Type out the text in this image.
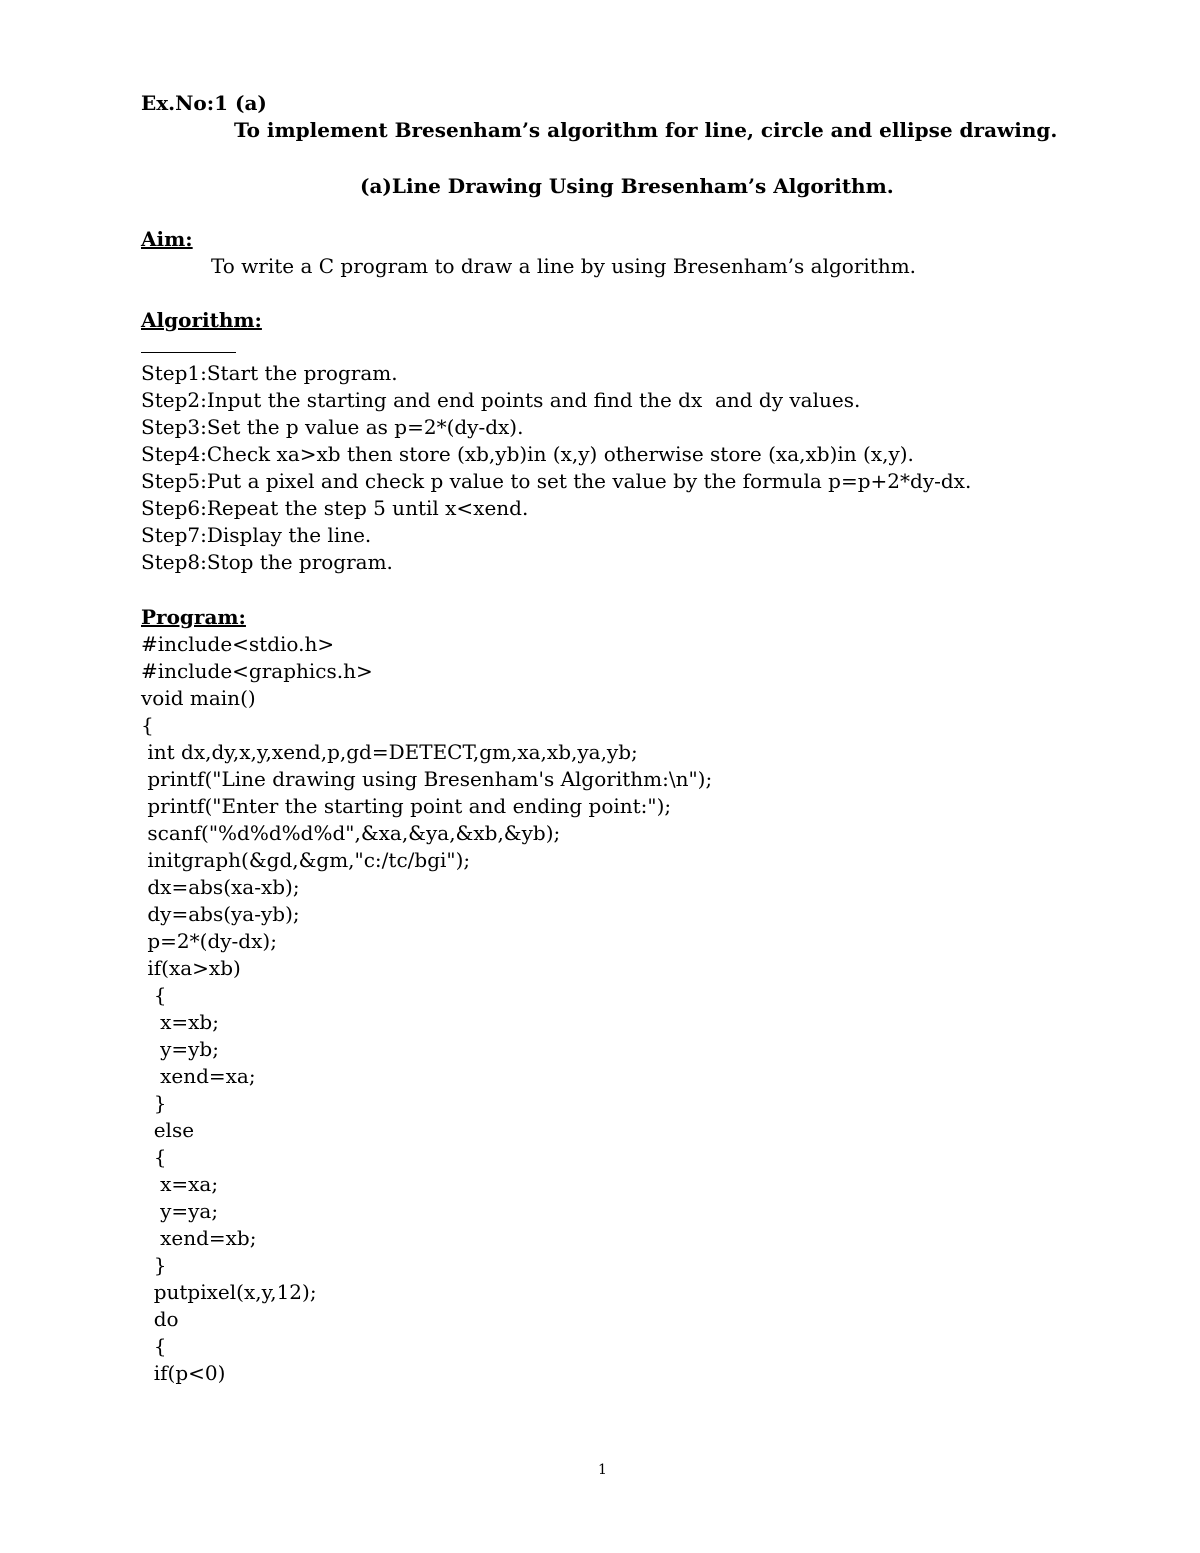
Ex.No:1 (a)
To implement Bresenham’s algorithm for line, circle and ellipse drawing.
(a)Line Drawing Using Bresenham’s Algorithm.
Aim:
To write a C program to draw a line by using Bresenham’s algorithm.
Algorithm:
Step1:Start the program.
Step2:Input the starting and end points and find the dx  and dy values.
Step3:Set the p value as p=2*(dy-dx).
Step4:Check xa>xb then store (xb,yb)in (x,y) otherwise store (xa,xb)in (x,y).
Step5:Put a pixel and check p value to set the value by the formula p=p+2*dy-dx.
Step6:Repeat the step 5 until x<xend.
Step7:Display the line.
Step8:Stop the program.
Program:
#include<stdio.h>
#include<graphics.h>
void main()
{
int dx,dy,x,y,xend,p,gd=DETECT,gm,xa,xb,ya,yb;
printf("Line drawing using Bresenham's Algorithm:\n");
printf("Enter the starting point and ending point:");
scanf("%d%d%d%d",&xa,&ya,&xb,&yb);
initgraph(&gd,&gm,"c:/tc/bgi");
dx=abs(xa-xb);
dy=abs(ya-yb);
p=2*(dy-dx);
if(xa>xb)
{
x=xb;
y=yb;
xend=xa;
}
else
{
x=xa;
y=ya;
xend=xb;
}
putpixel(x,y,12);
do
{
if(p<0)
1
